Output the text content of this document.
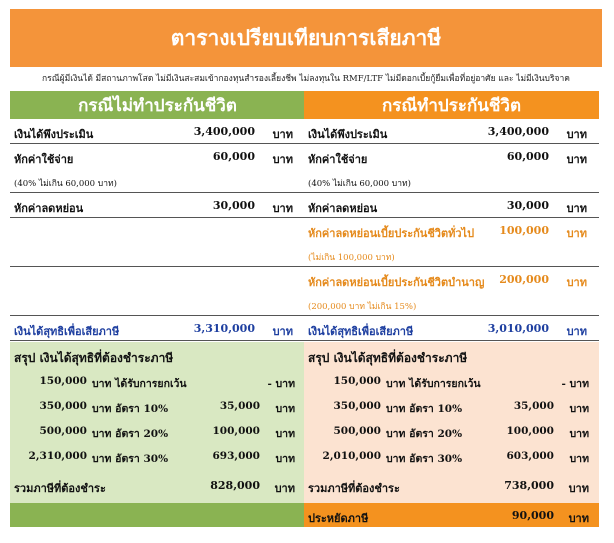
ตารางเปรียบเทียบการเสียภาษี
กรณีผู้มีเงินได้ มีสถานภาพโสด ไม่มีเงินสะสมเข้ากองทุนสำรองเลี้ยงชีพ ไม่ลงทุนใน RMF/LTF ไม่มีดอกเบี้ยกู้ยืมเพื่อที่อยู่อาศัย และ ไม่มีเงินบริจาค
กรณีไม่ทำประกันชีวิต
เงินได้พึงประเมิน	3,400,000 บาท
หักค่าใช้จ่าย	60,000 บาท
(40% ไม่เกิน 60,000 บาท)
หักค่าลดหย่อน	30,000 บาท
เงินได้สุทธิเพื่อเสียภาษี	3,310,000 บาท
สรุป เงินได้สุทธิที่ต้องชำระภาษี
150,000 บาท ได้รับการยกเว้น	- บาท
350,000 บาท อัตรา 10%	35,000 บาท
500,000 บาท อัตรา 20%	100,000 บาท
2,310,000 บาท อัตรา 30%	693,000 บาท
รวมภาษีที่ต้องชำระ	828,000 บาท
กรณีทำประกันชีวิต
เงินได้พึงประเมิน	3,400,000 บาท
หักค่าใช้จ่าย	60,000 บาท
(40% ไม่เกิน 60,000 บาท)
หักค่าลดหย่อน	30,000 บาท
หักค่าลดหย่อนเบี้ยประกันชีวิตทั่วไป 100,000 บาท
(ไม่เกิน 100,000 บาท)
หักค่าลดหย่อนเบี้ยประกันชีวิตบำนาญ 200,000 บาท
(200,000 บาท ไม่เกิน 15%)
เงินได้สุทธิเพื่อเสียภาษี	3,010,000 บาท
สรุป เงินได้สุทธิที่ต้องชำระภาษี
150,000 บาท ได้รับการยกเว้น	- บาท
350,000 บาท อัตรา 10%	35,000 บาท
500,000 บาท อัตรา 20%	100,000 บาท
2,010,000 บาท อัตรา 30%	603,000 บาท
รวมภาษีที่ต้องชำระ	738,000 บาท
ประหยัดภาษี	90,000 บาท
